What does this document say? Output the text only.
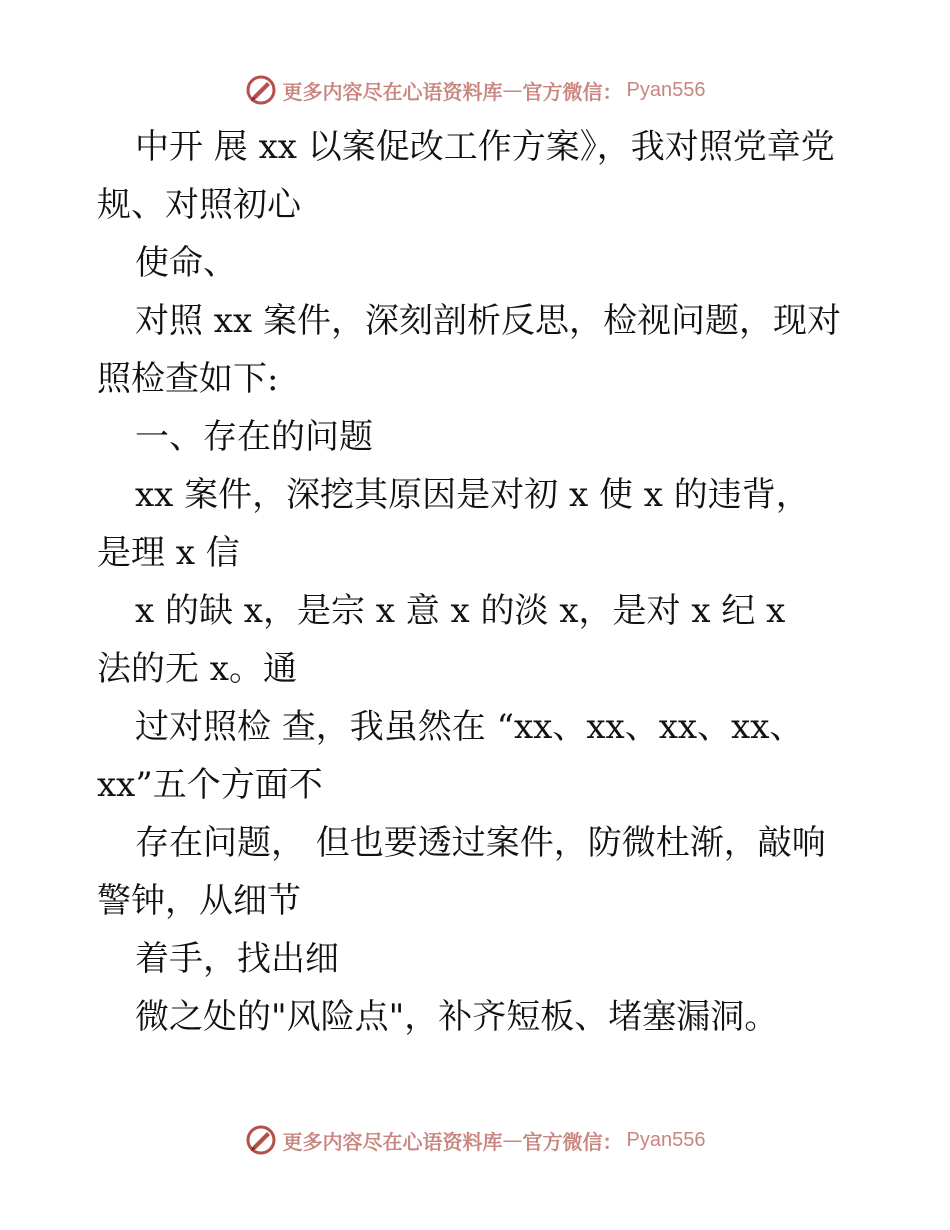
更多内容尽在心语资料库 — 官方微信： Pyan556
中开 展 xx 以案促改工作方案》，我对照党章党
规、对照初心
使命、
对照 xx 案件，深刻剖析反思，检视问题，现对
照检查如下:
一、存在的问题
xx 案件，深挖其原因是对初 x 使 x 的违背，
是理 x 信
x 的缺 x，是宗 x 意 x 的淡 x，是对 x 纪 x
法的无 x。通
过对照检 查，我虽然在 “xx、xx、xx、xx、
xx”五个方面不
存在问题， 但也要透过案件，防微杜渐，敲响
警钟，从细节
着手，找出细
微之处的"风险点"，补齐短板、堵塞漏洞。
更多内容尽在心语资料库 — 官方微信： Pyan556
